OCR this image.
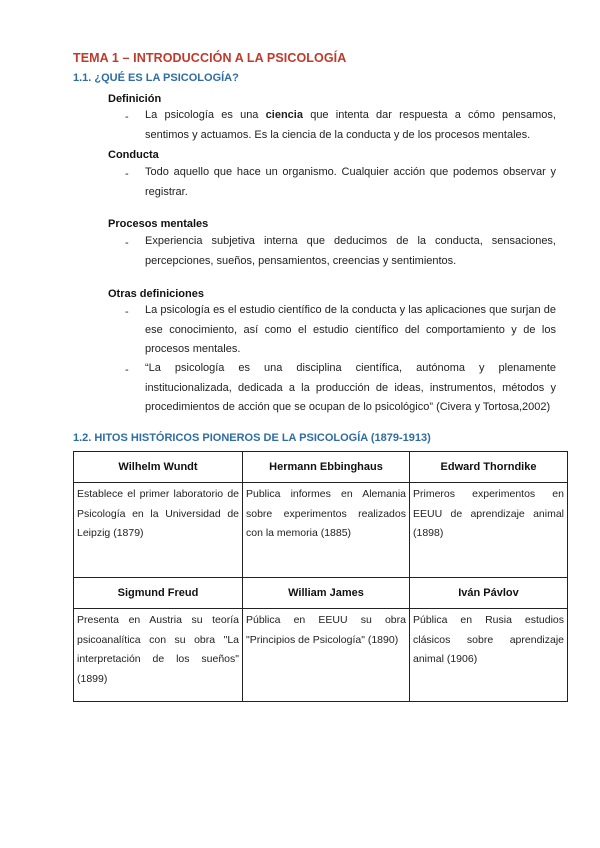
TEMA 1 – INTRODUCCIÓN A LA PSICOLOGÍA
1.1. ¿QUÉ ES LA PSICOLOGÍA?
Definición
- La psicología es una ciencia que intenta dar respuesta a cómo pensamos, sentimos y actuamos. Es la ciencia de la conducta y de los procesos mentales.
Conducta
- Todo aquello que hace un organismo. Cualquier acción que podemos observar y registrar.
Procesos mentales
- Experiencia subjetiva interna que deducimos de la conducta, sensaciones, percepciones, sueños, pensamientos, creencias y sentimientos.
Otras definiciones
- La psicología es el estudio científico de la conducta y las aplicaciones que surjan de ese conocimiento, así como el estudio científico del comportamiento y de los procesos mentales.
- “La psicología es una disciplina científica, autónoma y plenamente institucionalizada, dedicada a la producción de ideas, instrumentos, métodos y procedimientos de acción que se ocupan de lo psicológico” (Civera y Tortosa,2002)
1.2. HITOS HISTÓRICOS PIONEROS DE LA PSICOLOGÍA (1879-1913)
Wilhelm Wundt	Hermann Ebbinghaus	Edward Thorndike
Establece el primer laboratorio de Psicología en la Universidad de Leipzig (1879)	Publica informes en Alemania sobre experimentos realizados con la memoria (1885)	Primeros experimentos en EEUU de aprendizaje animal (1898)
Sigmund Freud	William James	Iván Pávlov
Presenta en Austria su teoría psicoanalítica con su obra "La interpretación de los sueños" (1899)	Pública en EEUU su obra "Principios de Psicología" (1890)	Pública en Rusia estudios clásicos sobre aprendizaje animal (1906)
